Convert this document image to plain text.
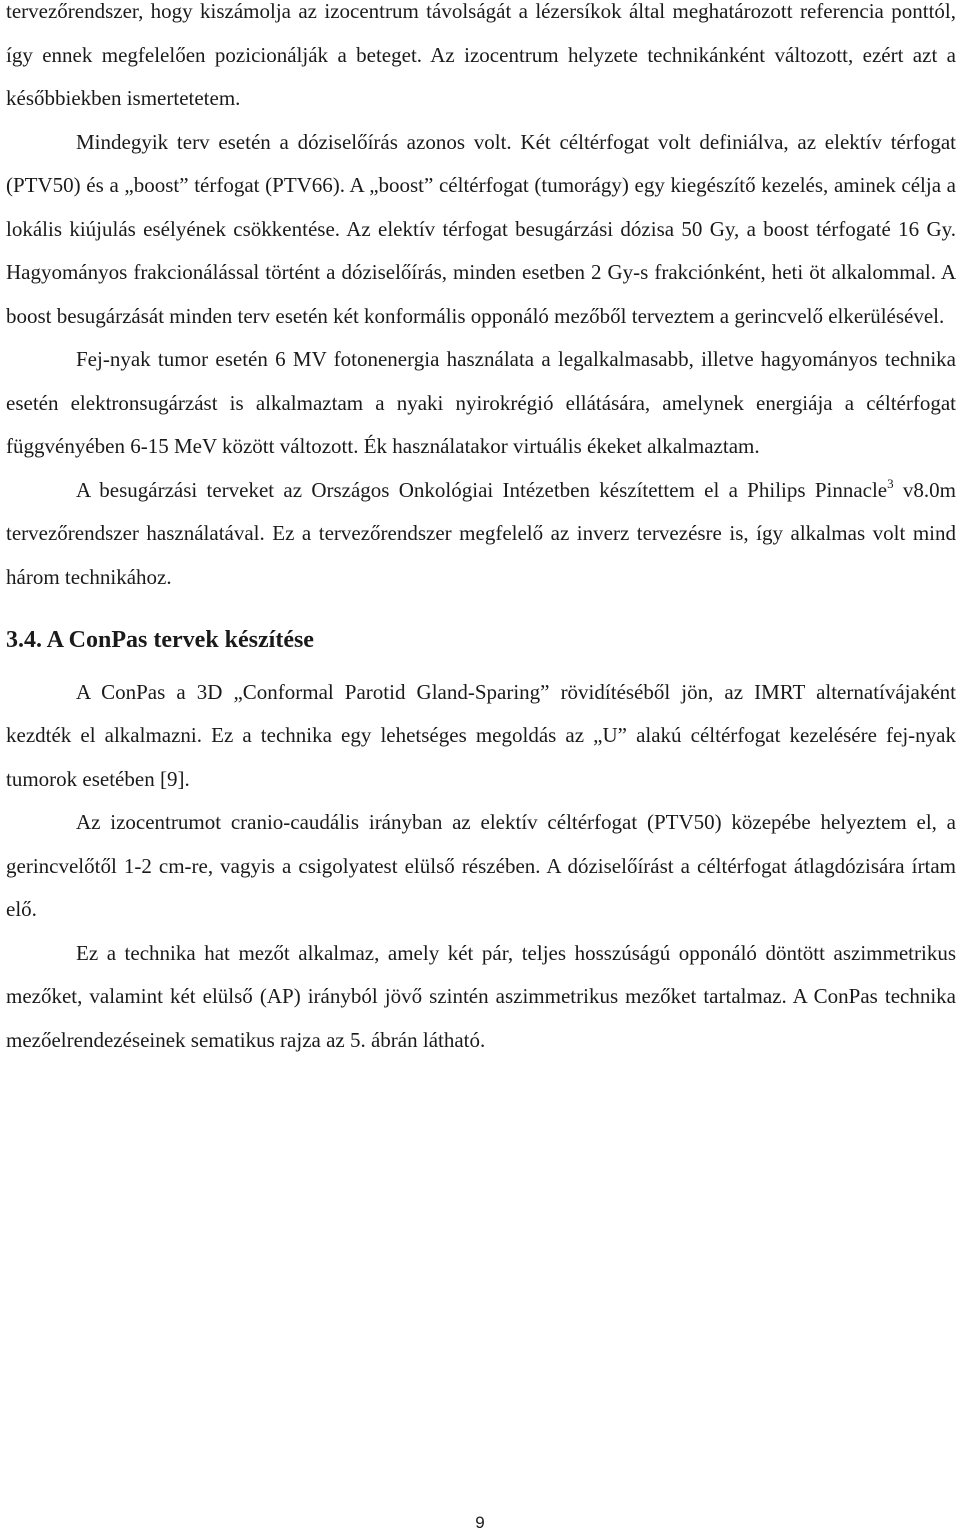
tervezőrendszer, hogy kiszámolja az izocentrum távolságát a lézersíkok által meghatározott referencia ponttól, így ennek megfelelően pozicionálják a beteget. Az izocentrum helyzete technikánként változott, ezért azt a későbbiekben ismertetetem.

Mindegyik terv esetén a dóziselőírás azonos volt. Két céltérfogat volt definiálva, az elektív térfogat (PTV50) és a „boost” térfogat (PTV66). A „boost” céltérfogat (tumorágy) egy kiegészítő kezelés, aminek célja a lokális kiújulás esélyének csökkentése. Az elektív térfogat besugárzási dózisa 50 Gy, a boost térfogaté 16 Gy. Hagyományos frakcionálással történt a dóziselőírás, minden esetben 2 Gy-s frakciónként, heti öt alkalommal. A boost besugárzását minden terv esetén két konformális opponáló mezőből terveztem a gerincvelő elkerülésével.

Fej-nyak tumor esetén 6 MV fotonenergia használata a legalkalmasabb, illetve hagyományos technika esetén elektronsugárzást is alkalmaztam a nyaki nyirokrégió ellátására, amelynek energiája a céltérfogat függvényében 6-15 MeV között változott. Ék használatakor virtuális ékeket alkalmaztam.

A besugárzási terveket az Országos Onkológiai Intézetben készítettem el a Philips Pinnacle$^3$ v8.0m tervezőrendszer használatával. Ez a tervezőrendszer megfelelő az inverz tervezésre is, így alkalmas volt mind három technikához.

3.4. A ConPas tervek készítése

A ConPas a 3D „Conformal Parotid Gland-Sparing” rövidítéséből jön, az IMRT alternatívájaként kezdték el alkalmazni. Ez a technika egy lehetséges megoldás az „U” alakú céltérfogat kezelésére fej-nyak tumorok esetében [9].

Az izocentrumot cranio-caudális irányban az elektív céltérfogat (PTV50) közepébe helyeztem el, a gerincvelőtől 1-2 cm-re, vagyis a csigolyatest elülső részében. A dóziselőírást a céltérfogat átlagdózisára írtam elő.

Ez a technika hat mezőt alkalmaz, amely két pár, teljes hosszúságú opponáló döntött aszimmetrikus mezőket, valamint két elülső (AP) irányból jövő szintén aszimmetrikus mezőket tartalmaz. A ConPas technika mezőelrendezéseinek sematikus rajza az 5. ábrán látható.

9
